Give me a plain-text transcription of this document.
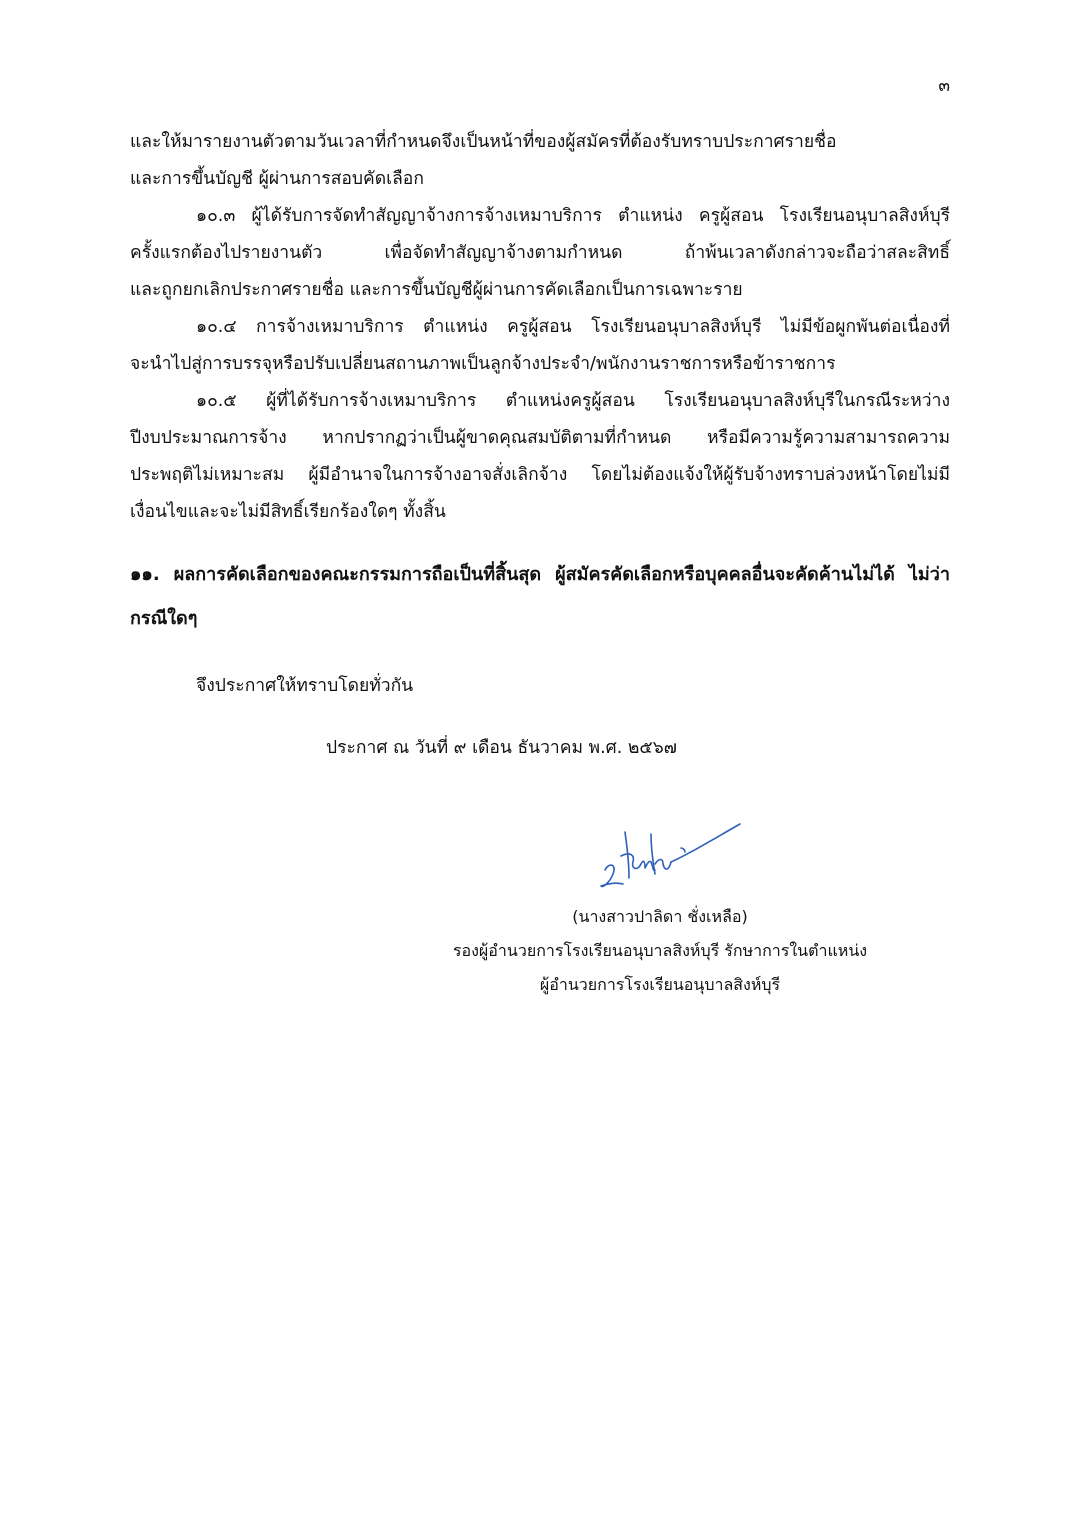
๓

และให้มารายงานตัวตามวันเวลาที่กำหนดจึงเป็นหน้าที่ของผู้สมัครที่ต้องรับทราบประกาศรายชื่อ
และการขึ้นบัญชี ผู้ผ่านการสอบคัดเลือก

๑๐.๓ ผู้ได้รับการจัดทำสัญญาจ้างการจ้างเหมาบริการ ตำแหน่ง ครูผู้สอน โรงเรียนอนุบาลสิงห์บุรี
ครั้งแรกต้องไปรายงานตัว เพื่อจัดทำสัญญาจ้างตามกำหนด ถ้าพ้นเวลาดังกล่าวจะถือว่าสละสิทธิ์
และถูกยกเลิกประกาศรายชื่อ และการขึ้นบัญชีผู้ผ่านการคัดเลือกเป็นการเฉพาะราย

๑๐.๔ การจ้างเหมาบริการ ตำแหน่ง ครูผู้สอน โรงเรียนอนุบาลสิงห์บุรี ไม่มีข้อผูกพันต่อเนื่องที่
จะนำไปสู่การบรรจุหรือปรับเปลี่ยนสถานภาพเป็นลูกจ้างประจำ/พนักงานราชการหรือข้าราชการ

๑๐.๕ ผู้ที่ได้รับการจ้างเหมาบริการ ตำแหน่งครูผู้สอน โรงเรียนอนุบาลสิงห์บุรีในกรณีระหว่าง
ปีงบประมาณการจ้าง หากปรากฏว่าเป็นผู้ขาดคุณสมบัติตามที่กำหนด หรือมีความรู้ความสามารถความ
ประพฤติไม่เหมาะสม ผู้มีอำนาจในการจ้างอาจสั่งเลิกจ้าง โดยไม่ต้องแจ้งให้ผู้รับจ้างทราบล่วงหน้าโดยไม่มี
เงื่อนไขและจะไม่มีสิทธิ์เรียกร้องใดๆ ทั้งสิ้น

๑๑. ผลการคัดเลือกของคณะกรรมการถือเป็นที่สิ้นสุด ผู้สมัครคัดเลือกหรือบุคคลอื่นจะคัดค้านไม่ได้ ไม่ว่า
กรณีใดๆ

จึงประกาศให้ทราบโดยทั่วกัน

ประกาศ ณ วันที่ ๙ เดือน ธันวาคม พ.ศ. ๒๕๖๗
(นางสาวปาลิดา ชั่งเหลือ)
รองผู้อำนวยการโรงเรียนอนุบาลสิงห์บุรี รักษาการในตำแหน่ง
ผู้อำนวยการโรงเรียนอนุบาลสิงห์บุรี
